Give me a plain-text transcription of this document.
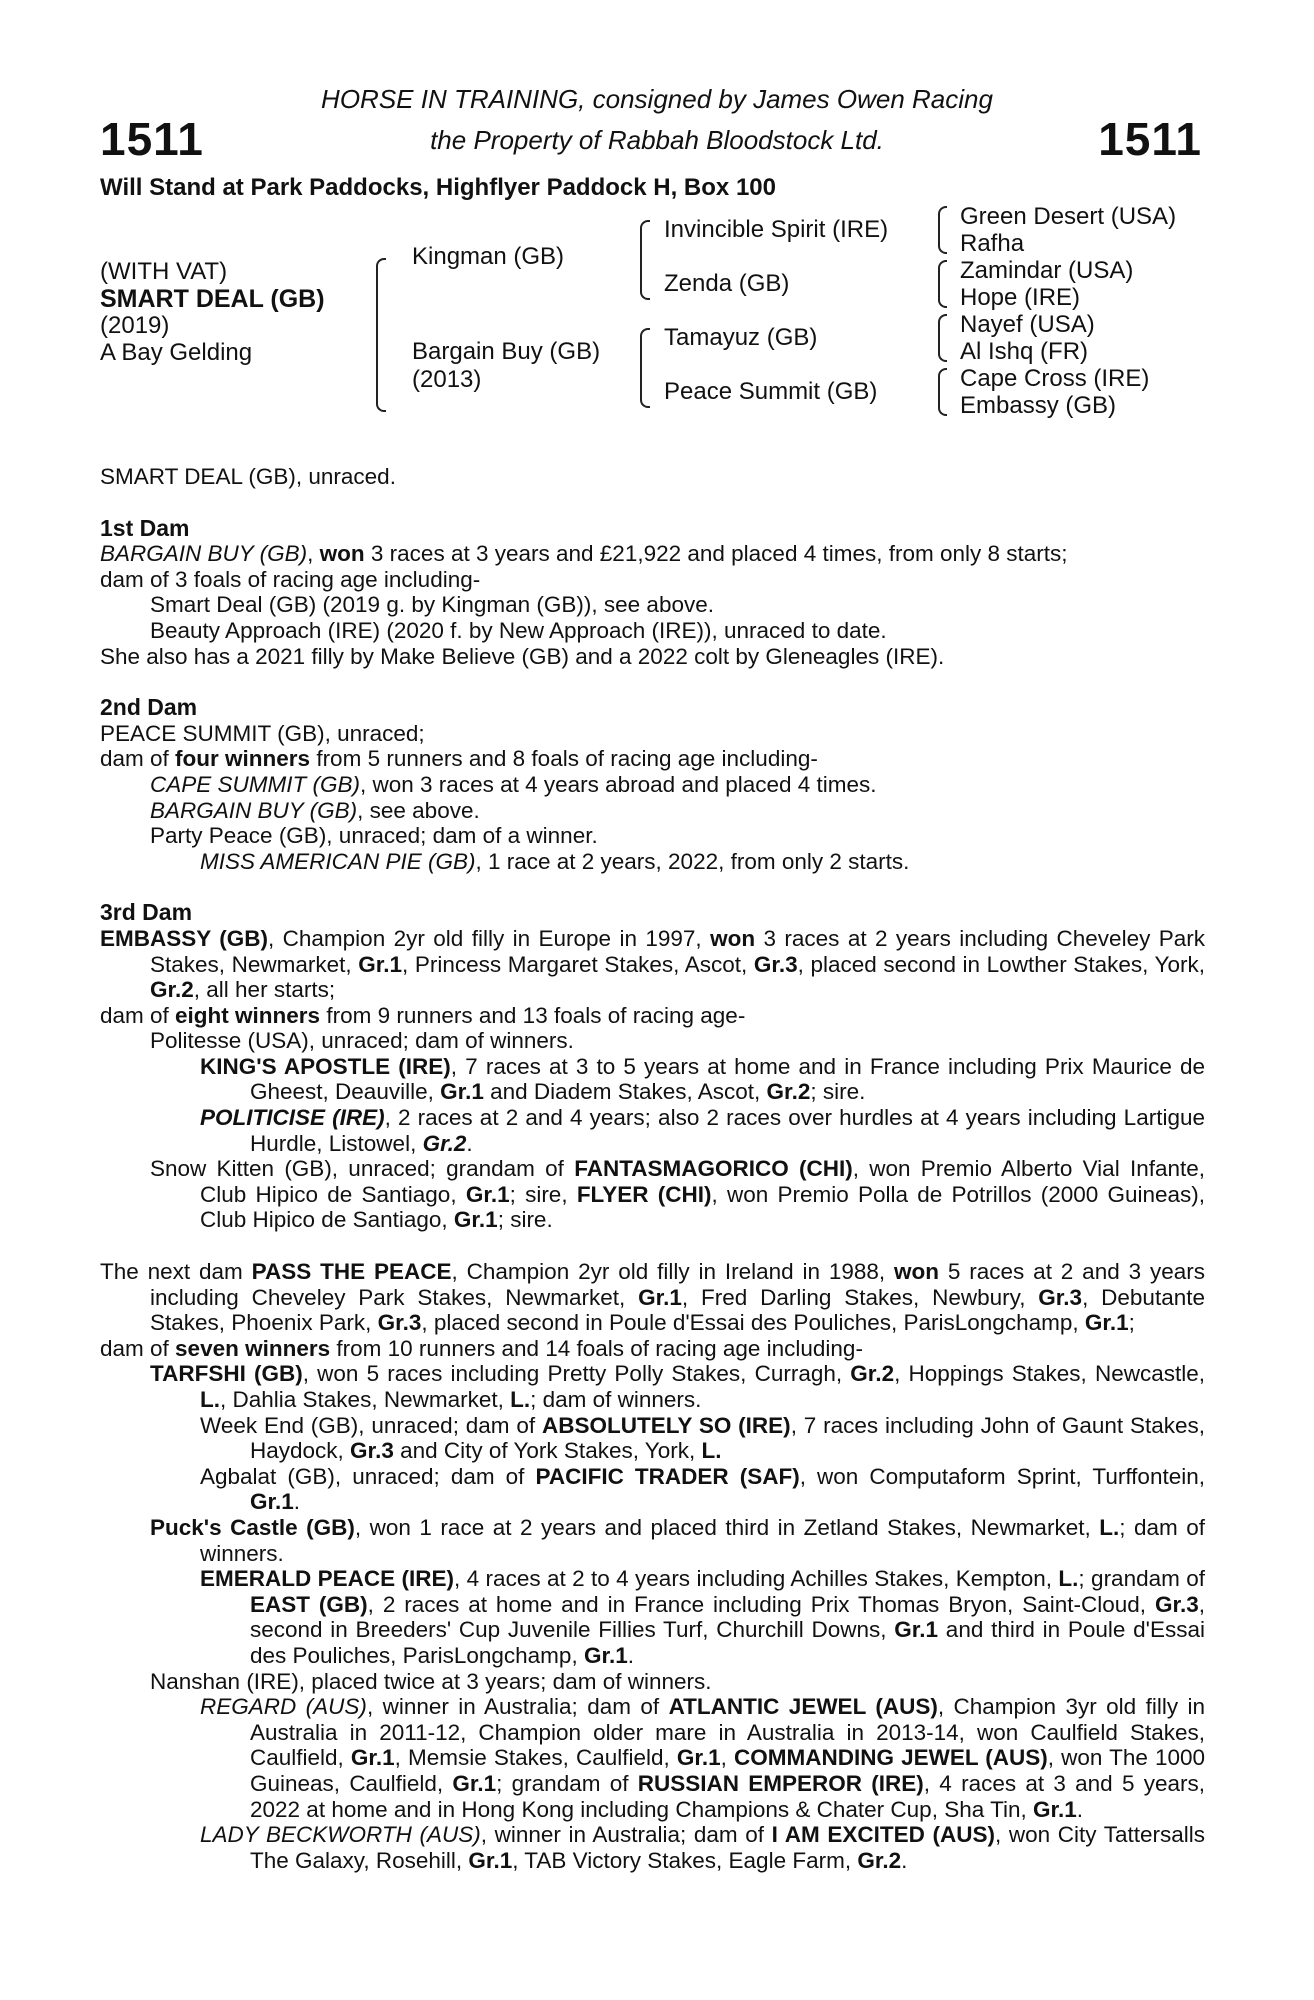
1511	1511
HORSE IN TRAINING, consigned by James Owen Racing
the Property of Rabbah Bloodstock Ltd.
Will Stand at Park Paddocks, Highflyer Paddock H, Box 100
(WITH VAT)
SMART DEAL (GB)
(2019)
A Bay Gelding
Kingman (GB)
Bargain Buy (GB)
(2013)
Invincible Spirit (IRE)
Zenda (GB)
Tamayuz (GB)
Peace Summit (GB)
Green Desert (USA)
Rafha
Zamindar (USA)
Hope (IRE)
Nayef (USA)
Al Ishq (FR)
Cape Cross (IRE)
Embassy (GB)

SMART DEAL (GB), unraced.

1st Dam

BARGAIN BUY (GB), won 3 races at 3 years and £21,922 and placed 4 times, from only 8 starts;

dam of 3 foals of racing age including-

Smart Deal (GB) (2019 g. by Kingman (GB)), see above.

Beauty Approach (IRE) (2020 f. by New Approach (IRE)), unraced to date.

She also has a 2021 filly by Make Believe (GB) and a 2022 colt by Gleneagles (IRE).

2nd Dam

PEACE SUMMIT (GB), unraced;

dam of four winners from 5 runners and 8 foals of racing age including-

CAPE SUMMIT (GB), won 3 races at 4 years abroad and placed 4 times.

BARGAIN BUY (GB), see above.

Party Peace (GB), unraced; dam of a winner.

MISS AMERICAN PIE (GB), 1 race at 2 years, 2022, from only 2 starts.

3rd Dam

EMBASSY (GB), Champion 2yr old filly in Europe in 1997, won 3 races at 2 years including Cheveley Park Stakes, Newmarket, Gr.1, Princess Margaret Stakes, Ascot, Gr.3, placed second in Lowther Stakes, York, Gr.2, all her starts;

dam of eight winners from 9 runners and 13 foals of racing age-

Politesse (USA), unraced; dam of winners.

KING'S APOSTLE (IRE), 7 races at 3 to 5 years at home and in France including Prix Maurice de Gheest, Deauville, Gr.1 and Diadem Stakes, Ascot, Gr.2; sire.

POLITICISE (IRE), 2 races at 2 and 4 years; also 2 races over hurdles at 4 years including Lartigue Hurdle, Listowel, Gr.2.

Snow Kitten (GB), unraced; grandam of FANTASMAGORICO (CHI), won Premio Alberto Vial Infante, Club Hipico de Santiago, Gr.1; sire, FLYER (CHI), won Premio Polla de Potrillos (2000 Guineas), Club Hipico de Santiago, Gr.1; sire.

The next dam PASS THE PEACE, Champion 2yr old filly in Ireland in 1988, won 5 races at 2 and 3 years including Cheveley Park Stakes, Newmarket, Gr.1, Fred Darling Stakes, Newbury, Gr.3, Debutante Stakes, Phoenix Park, Gr.3, placed second in Poule d'Essai des Pouliches, ParisLongchamp, Gr.1;

dam of seven winners from 10 runners and 14 foals of racing age including-

TARFSHI (GB), won 5 races including Pretty Polly Stakes, Curragh, Gr.2, Hoppings Stakes, Newcastle, L., Dahlia Stakes, Newmarket, L.; dam of winners.

Week End (GB), unraced; dam of ABSOLUTELY SO (IRE), 7 races including John of Gaunt Stakes, Haydock, Gr.3 and City of York Stakes, York, L.

Agbalat (GB), unraced; dam of PACIFIC TRADER (SAF), won Computaform Sprint, Turffontein, Gr.1.

Puck's Castle (GB), won 1 race at 2 years and placed third in Zetland Stakes, Newmarket, L.; dam of winners.

EMERALD PEACE (IRE), 4 races at 2 to 4 years including Achilles Stakes, Kempton, L.; grandam of EAST (GB), 2 races at home and in France including Prix Thomas Bryon, Saint-Cloud, Gr.3, second in Breeders' Cup Juvenile Fillies Turf, Churchill Downs, Gr.1 and third in Poule d'Essai des Pouliches, ParisLongchamp, Gr.1.

Nanshan (IRE), placed twice at 3 years; dam of winners.

REGARD (AUS), winner in Australia; dam of ATLANTIC JEWEL (AUS), Champion 3yr old filly in Australia in 2011-12, Champion older mare in Australia in 2013-14, won Caulfield Stakes, Caulfield, Gr.1, Memsie Stakes, Caulfield, Gr.1, COMMANDING JEWEL (AUS), won The 1000 Guineas, Caulfield, Gr.1; grandam of RUSSIAN EMPEROR (IRE), 4 races at 3 and 5 years, 2022 at home and in Hong Kong including Champions & Chater Cup, Sha Tin, Gr.1.

LADY BECKWORTH (AUS), winner in Australia; dam of I AM EXCITED (AUS), won City Tattersalls The Galaxy, Rosehill, Gr.1, TAB Victory Stakes, Eagle Farm, Gr.2.
